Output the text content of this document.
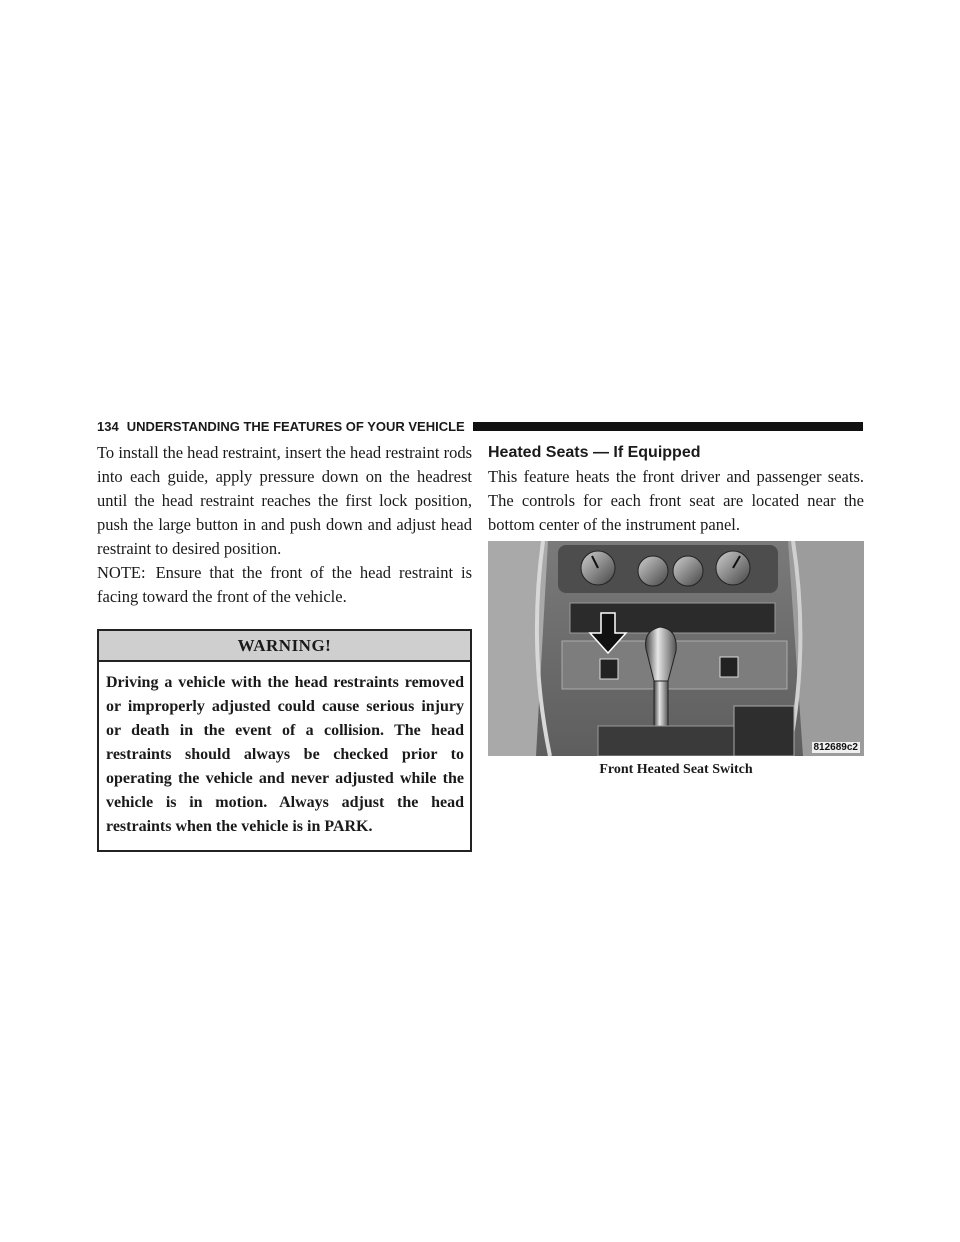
134 UNDERSTANDING THE FEATURES OF YOUR VEHICLE

To install the head restraint, insert the head restraint rods into each guide, apply pressure down on the headrest until the head restraint reaches the first lock position, push the large button in and push down and adjust head restraint to desired position.

NOTE: Ensure that the front of the head restraint is facing toward the front of the vehicle.

WARNING!
Driving a vehicle with the head restraints removed or improperly adjusted could cause serious injury or death in the event of a collision. The head restraints should always be checked prior to operating the vehicle and never adjusted while the vehicle is in motion. Always adjust the head restraints when the vehicle is in PARK.
Heated Seats — If Equipped

This feature heats the front driver and passenger seats. The controls for each front seat are located near the bottom center of the instrument panel.

812689c2
Front Heated Seat Switch
